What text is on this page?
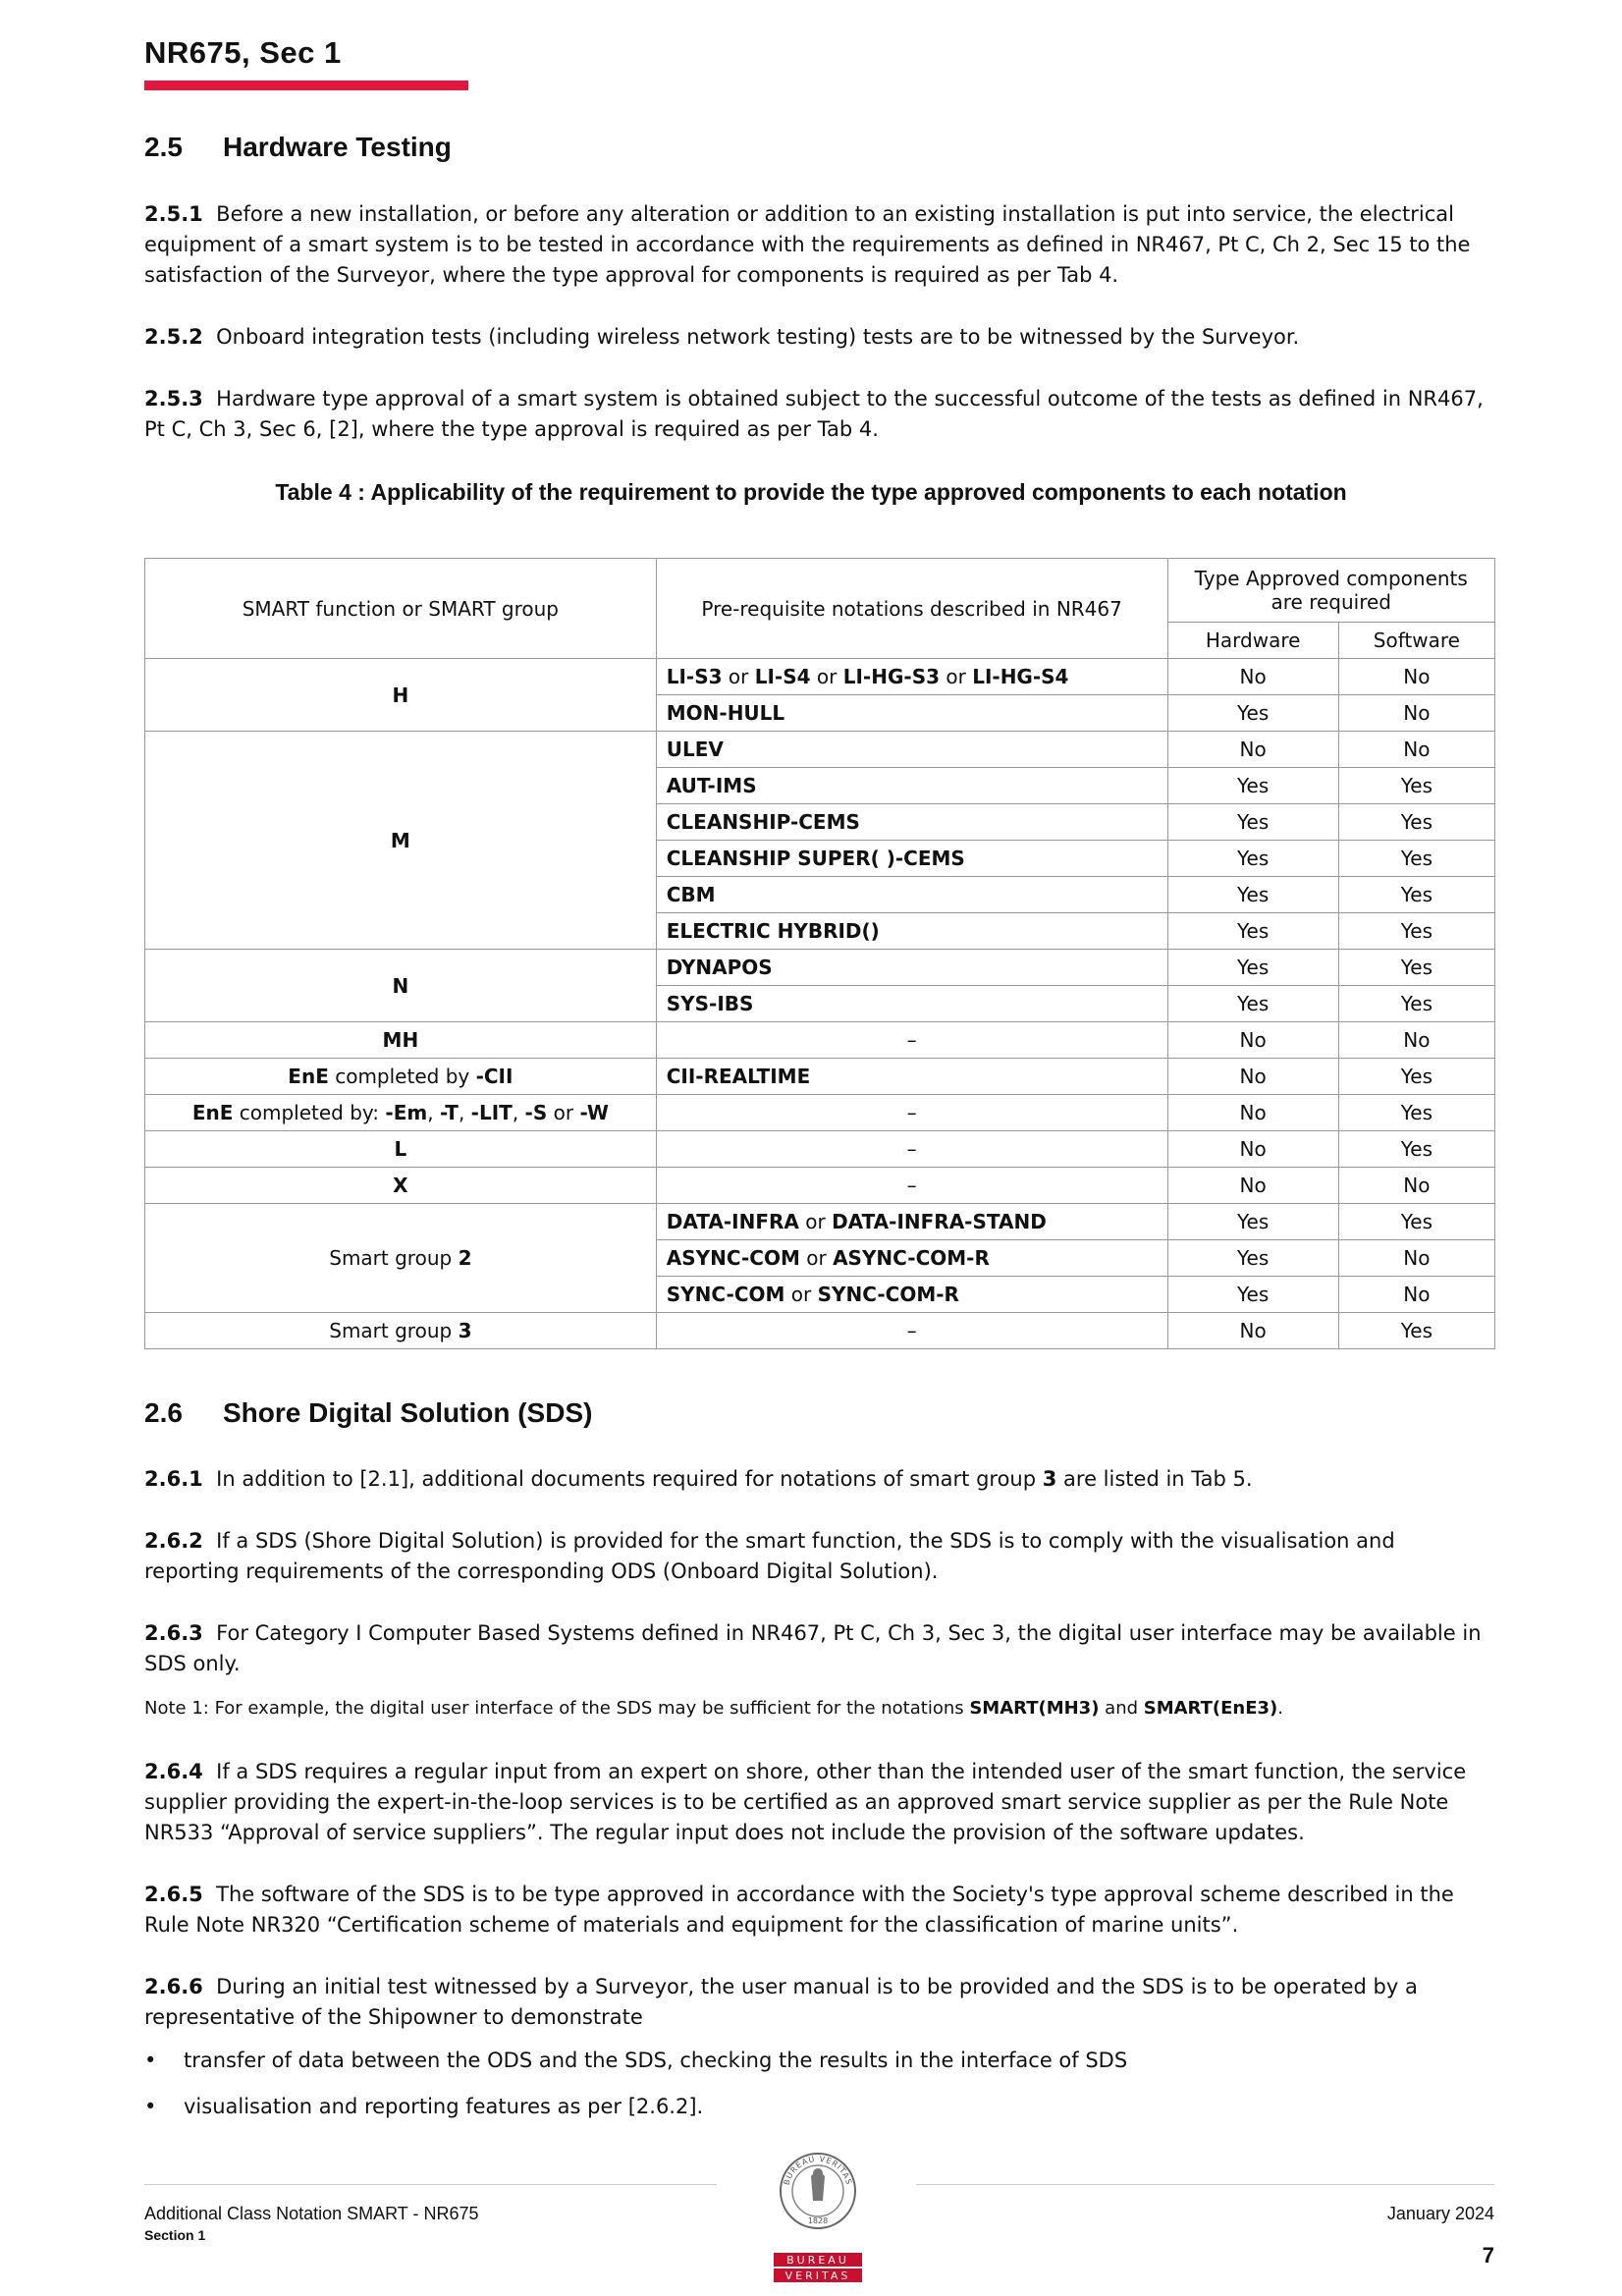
NR675, Sec 1
2.5 Hardware Testing
2.5.1 Before a new installation, or before any alteration or addition to an existing installation is put into service, the electrical equipment of a smart system is to be tested in accordance with the requirements as defined in NR467, Pt C, Ch 2, Sec 15 to the satisfaction of the Surveyor, where the type approval for components is required as per Tab 4.
2.5.2 Onboard integration tests (including wireless network testing) tests are to be witnessed by the Surveyor.
2.5.3 Hardware type approval of a smart system is obtained subject to the successful outcome of the tests as defined in NR467, Pt C, Ch 3, Sec 6, [2], where the type approval is required as per Tab 4.
Table 4 : Applicability of the requirement to provide the type approved components to each notation
SMART function or SMART group	Pre-requisite notations described in NR467	Type Approved components are required	
		Hardware	Software
H	LI-S3 or LI-S4 or LI-HG-S3 or LI-HG-S4	No	No
	MON-HULL	Yes	No
M	ULEV	No	No
	AUT-IMS	Yes	Yes
	CLEANSHIP-CEMS	Yes	Yes
	CLEANSHIP SUPER( )-CEMS	Yes	Yes
	CBM	Yes	Yes
	ELECTRIC HYBRID()	Yes	Yes
N	DYNAPOS	Yes	Yes
	SYS-IBS	Yes	Yes
MH	–	No	No
EnE completed by -CII	CII-REALTIME	No	Yes
EnE completed by: -Em, -T, -LIT, -S or -W	–	No	Yes
L	–	No	Yes
X	–	No	No
Smart group 2	DATA-INFRA or DATA-INFRA-STAND	Yes	Yes
	ASYNC-COM or ASYNC-COM-R	Yes	No
	SYNC-COM or SYNC-COM-R	Yes	No
Smart group 3	–	No	Yes
2.6 Shore Digital Solution (SDS)
2.6.1 In addition to [2.1], additional documents required for notations of smart group 3 are listed in Tab 5.
2.6.2 If a SDS (Shore Digital Solution) is provided for the smart function, the SDS is to comply with the visualisation and reporting requirements of the corresponding ODS (Onboard Digital Solution).
2.6.3 For Category I Computer Based Systems defined in NR467, Pt C, Ch 3, Sec 3, the digital user interface may be available in SDS only.
Note 1: For example, the digital user interface of the SDS may be sufficient for the notations SMART(MH3) and SMART(EnE3).
2.6.4 If a SDS requires a regular input from an expert on shore, other than the intended user of the smart function, the service supplier providing the expert-in-the-loop services is to be certified as an approved smart service supplier as per the Rule Note NR533 “Approval of service suppliers”. The regular input does not include the provision of the software updates.
2.6.5 The software of the SDS is to be type approved in accordance with the Society's type approval scheme described in the Rule Note NR320 “Certification scheme of materials and equipment for the classification of marine units”.
2.6.6 During an initial test witnessed by a Surveyor, the user manual is to be provided and the SDS is to be operated by a representative of the Shipowner to demonstrate
• transfer of data between the ODS and the SDS, checking the results in the interface of SDS
• visualisation and reporting features as per [2.6.2].
Additional Class Notation SMART - NR675
Section 1
January 2024
7
BUREAU VERITAS
1828
BUREAU
VERITAS
